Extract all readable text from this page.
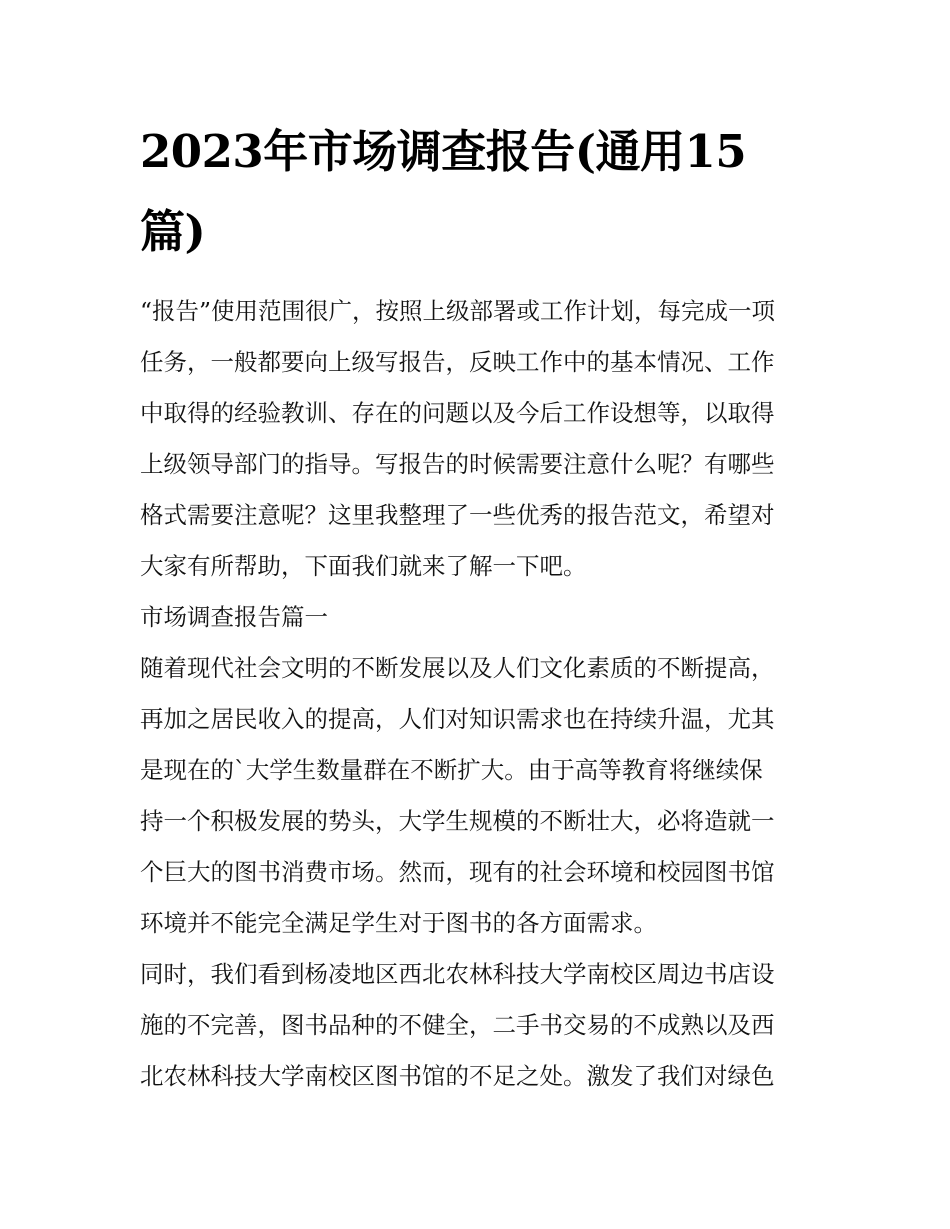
2023年市场调查报告(通用15
篇)

“报告”使用范围很广，按照上级部署或工作计划，每完成一项
任务，一般都要向上级写报告，反映工作中的基本情况、工作
中取得的经验教训、存在的问题以及今后工作设想等，以取得
上级领导部门的指导。写报告的时候需要注意什么呢？有哪些
格式需要注意呢？这里我整理了一些优秀的报告范文，希望对
大家有所帮助，下面我们就来了解一下吧。

市场调查报告篇一

随着现代社会文明的不断发展以及人们文化素质的不断提高，
再加之居民收入的提高，人们对知识需求也在持续升温，尤其
是现在的`大学生数量群在不断扩大。由于高等教育将继续保
持一个积极发展的势头，大学生规模的不断壮大，必将造就一
个巨大的图书消费市场。然而，现有的社会环境和校园图书馆
环境并不能完全满足学生对于图书的各方面需求。

同时，我们看到杨凌地区西北农林科技大学南校区周边书店设
施的不完善，图书品种的不健全，二手书交易的不成熟以及西
北农林科技大学南校区图书馆的不足之处。激发了我们对绿色
